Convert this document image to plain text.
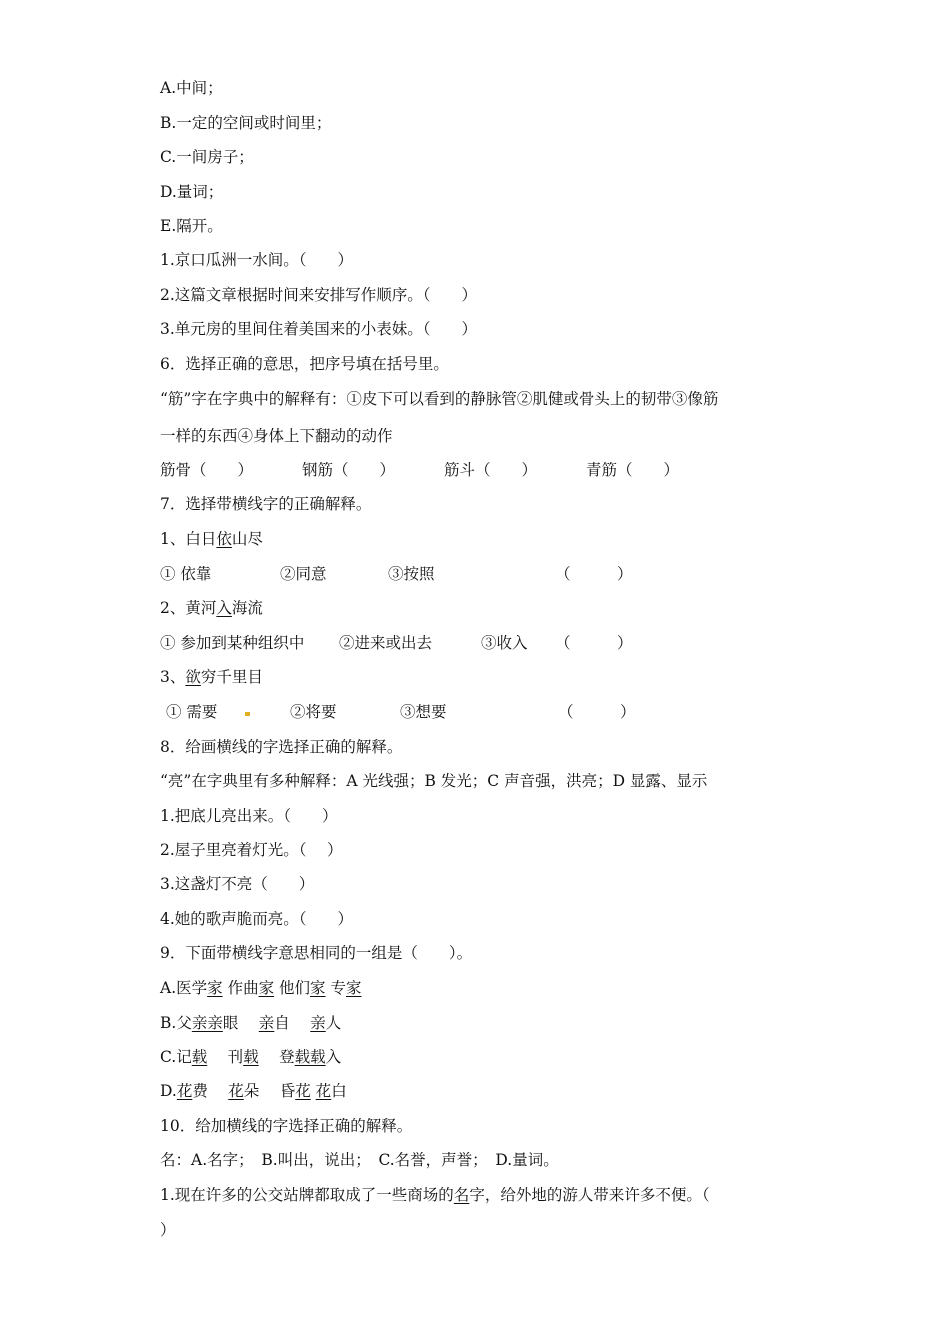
A.中间；
B.一定的空间或时间里；
C.一间房子；
D.量词；
E.隔开。
1.京口瓜洲一水间。（　　）
2.这篇文章根据时间来安排写作顺序。（　　）
3.单元房的里间住着美国来的小表妹。（　　）
6．选择正确的意思，把序号填在括号里。
“筋”字在字典中的解释有：①皮下可以看到的静脉管②肌健或骨头上的韧带③像筋
一样的东西④身体上下翻动的动作
筋骨（　　）	钢筋（　　）	筋斗（　　）	青筋（　　）
7．选择带横线字的正确解释。
1、白日依山尽
① 依靠	②同意	③按照	（　　　）
2、黄河入海流
① 参加到某种组织中 ②进来或出去	③收入 （　　　）
3、欲穷千里目
① 需要	②将要	③想要	（　　　）
8．给画横线的字选择正确的解释。
“亮”在字典里有多种解释：A 光线强；B 发光；C 声音强，洪亮；D 显露、显示
1.把底儿亮出来。（　　）
2.屋子里亮着灯光。（　 ）
3.这盏灯不亮（　　）
4.她的歌声脆而亮。（　　）
9．下面带横线字意思相同的一组是（　　）。
A.医学家 作曲家 他们家 专家
B.父亲亲眼　 亲自　 亲人
C.记载　 刊载　 登载载入
D.花费　 花朵　 昏花 花白
10．给加横线的字选择正确的解释。
名：A.名字；　B.叫出，说出；　C.名誉，声誉；　D.量词。
1.现在许多的公交站牌都取成了一些商场的名字，给外地的游人带来许多不便。（
）
